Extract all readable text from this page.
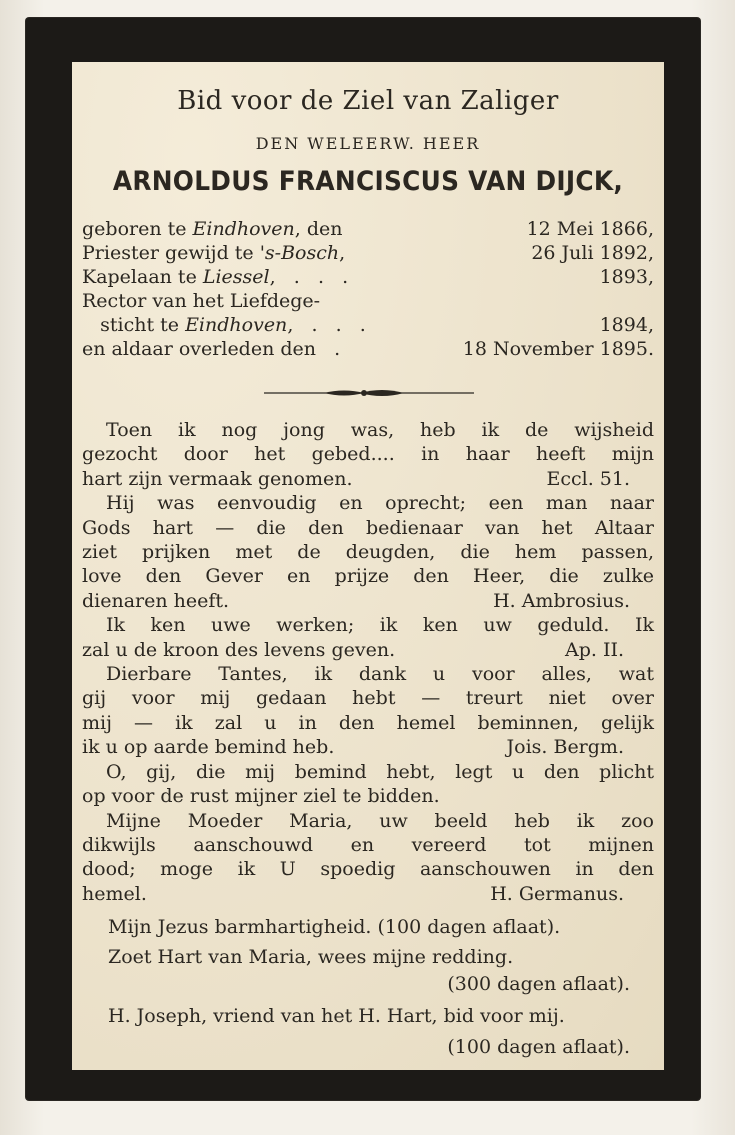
Bid voor de Ziel van Zaliger
DEN WELEERW. HEER
ARNOLDUS FRANCISCUS VAN DIJCK,
geboren te Eindhoven, den	12 Mei 1866,
Priester gewijd te 's-Bosch,	26 Juli 1892,
Kapelaan te Liessel,   .   .   .	1893,
Rector van het Liefdege-
sticht te Eindhoven,   .   .   .	1894,
en aldaar overleden den   .	18 November 1895.
Toen ik nog jong was, heb ik de wijsheid
gezocht door het gebed.... in haar heeft mijn
hart zijn vermaak genomen.	Eccl. 51.
Hij was eenvoudig en oprecht; een man naar
Gods hart — die den bedienaar van het Altaar
ziet prijken met de deugden, die hem passen,
love den Gever en prijze den Heer, die zulke
dienaren heeft.	H. Ambrosius.
Ik ken uwe werken; ik ken uw geduld. Ik
zal u de kroon des levens geven.	Ap. II.
Dierbare Tantes, ik dank u voor alles, wat
gij voor mij gedaan hebt — treurt niet over
mij — ik zal u in den hemel beminnen, gelijk
ik u op aarde bemind heb.	Jois. Bergm.
O, gij, die mij bemind hebt, legt u den plicht
op voor de rust mijner ziel te bidden.
Mijne Moeder Maria, uw beeld heb ik zoo
dikwijls aanschouwd en vereerd tot mijnen
dood; moge ik U spoedig aanschouwen in den
hemel.	H. Germanus.
Mijn Jezus barmhartigheid. (100 dagen aflaat).
Zoet Hart van Maria, wees mijne redding.
(300 dagen aflaat).
H. Joseph, vriend van het H. Hart, bid voor mij.
(100 dagen aflaat).
